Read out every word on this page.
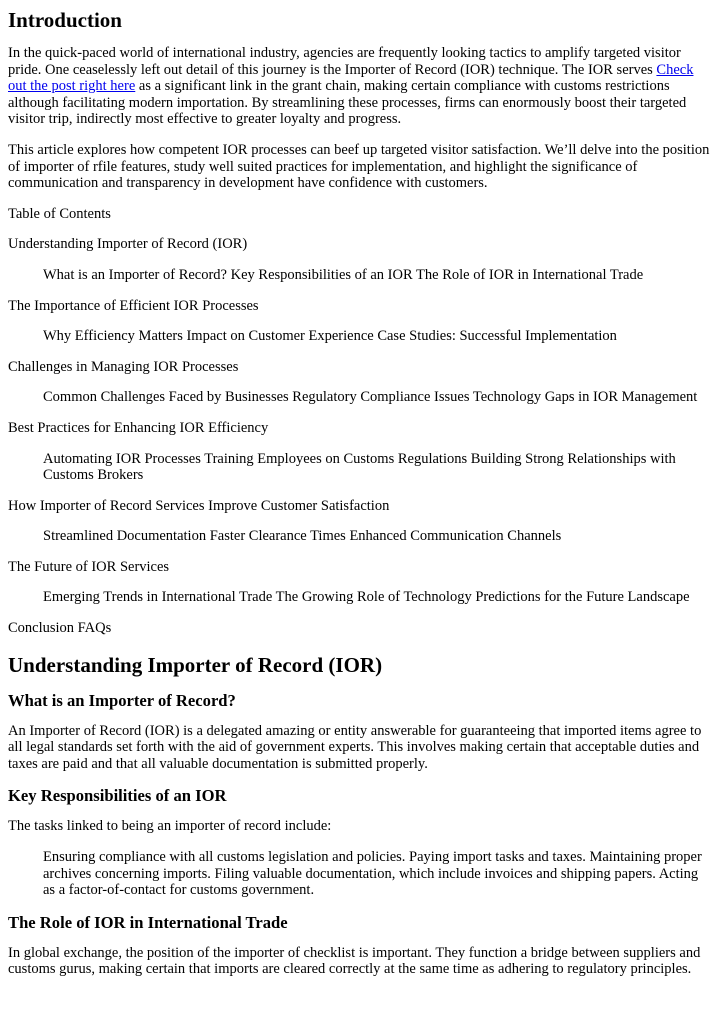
Introduction

In the quick-paced world of international industry, agencies are frequently looking tactics to amplify targeted visitor pride. One ceaselessly left out detail of this journey is the Importer of Record (IOR) technique. The IOR serves Check out the post right here as a significant link in the grant chain, making certain compliance with customs restrictions although facilitating modern importation. By streamlining these processes, firms can enormously boost their targeted visitor trip, indirectly most effective to greater loyalty and progress.

This article explores how competent IOR processes can beef up targeted visitor satisfaction. We’ll delve into the position of importer of rfile features, study well suited practices for implementation, and highlight the significance of communication and transparency in development have confidence with customers.

Table of Contents

Understanding Importer of Record (IOR)

What is an Importer of Record? Key Responsibilities of an IOR The Role of IOR in International Trade

The Importance of Efficient IOR Processes

Why Efficiency Matters Impact on Customer Experience Case Studies: Successful Implementation

Challenges in Managing IOR Processes

Common Challenges Faced by Businesses Regulatory Compliance Issues Technology Gaps in IOR Management

Best Practices for Enhancing IOR Efficiency

Automating IOR Processes Training Employees on Customs Regulations Building Strong Relationships with Customs Brokers

How Importer of Record Services Improve Customer Satisfaction

Streamlined Documentation Faster Clearance Times Enhanced Communication Channels

The Future of IOR Services

Emerging Trends in International Trade The Growing Role of Technology Predictions for the Future Landscape

Conclusion FAQs

Understanding Importer of Record (IOR)
What is an Importer of Record?

An Importer of Record (IOR) is a delegated amazing or entity answerable for guaranteeing that imported items agree to all legal standards set forth with the aid of government experts. This involves making certain that acceptable duties and taxes are paid and that all valuable documentation is submitted properly.

Key Responsibilities of an IOR

The tasks linked to being an importer of record include:

Ensuring compliance with all customs legislation and policies. Paying import tasks and taxes. Maintaining proper archives concerning imports. Filing valuable documentation, which include invoices and shipping papers. Acting as a factor-of-contact for customs government.

The Role of IOR in International Trade

In global exchange, the position of the importer of checklist is important. They function a bridge between suppliers and customs gurus, making certain that imports are cleared correctly at the same time as adhering to regulatory principles.
